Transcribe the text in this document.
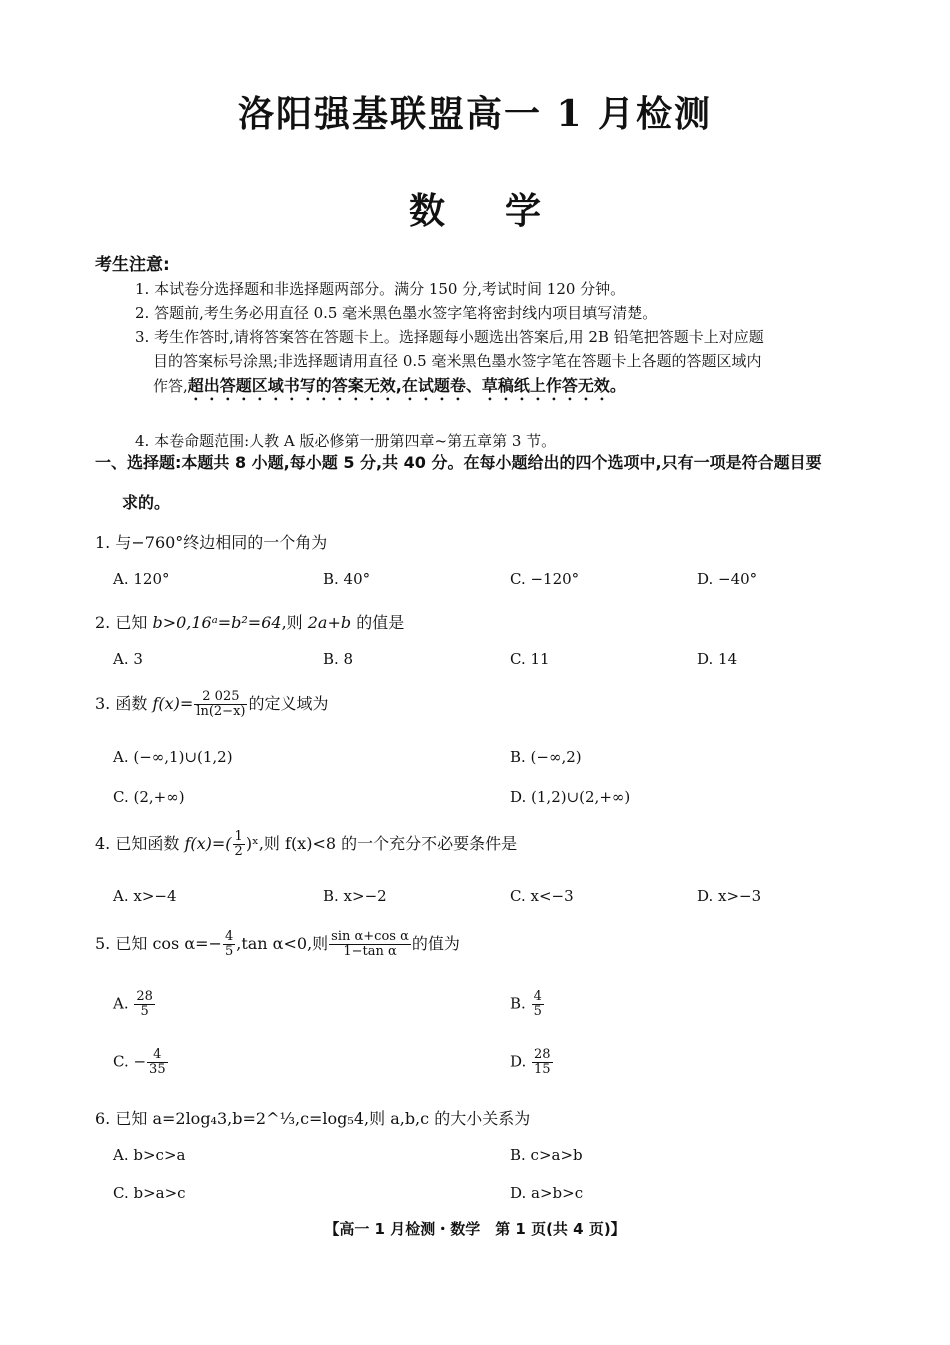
洛阳强基联盟高一 1 月检测
数学
考生注意:
1. 本试卷分选择题和非选择题两部分。满分 150 分,考试时间 120 分钟。
2. 答题前,考生务必用直径 0.5 毫米黑色墨水签字笔将密封线内项目填写清楚。
3. 考生作答时,请将答案答在答题卡上。选择题每小题选出答案后,用 2B 铅笔把答题卡上对应题
目的答案标号涂黑;非选择题请用直径 0.5 毫米黑色墨水签字笔在答题卡上各题的答题区域内
作答,超出答题区域书写的答案无效,在试题卷、草稿纸上作答无效。
4. 本卷命题范围:人教 A 版必修第一册第四章~第五章第 3 节。
一、选择题:本题共 8 小题,每小题 5 分,共 40 分。在每小题给出的四个选项中,只有一项是符合题目要
求的。
1. 与−760°终边相同的一个角为
A. 120°	B. 40°	C. −120°	D. −40°
2. 已知 b>0,16ᵃ=b²=64,则 2a+b 的值是
A. 3	B. 8	C. 11	D. 14
3. 函数 $f(x)= \frac{2 025}{\ln(2-x)}$ 的定义域为
A. (−∞,1)∪(1,2)	B. (−∞,2)
C. (2,+∞)	D. (1,2)∪(2,+∞)
4. 已知函数 $f(x)=( \frac{1}{2}$ )ˣ,则 f(x)<8 的一个充分不必要条件是
A. x>−4	B. x>−2	C. x<−3	D. x>−3
5. 已知 $\cos \alpha=- \frac{4}{5} ,\tan$ α<0,则 $\frac{\text{sin α+cos α}}{\text{1−tan α}}$ 的值为
A. $\frac{28}{5}$	B. $\frac{4}{5}$
C. − $\frac{4}{35}$	D. $\frac{28}{15}$
6. 已知 a=2log₄3,b=2^⅓,c=log₅4,则 a,b,c 的大小关系为
A. b>c>a	B. c>a>b
C. b>a>c	D. a>b>c
【高一 1 月检测・数学　第 1 页(共 4 页)】
